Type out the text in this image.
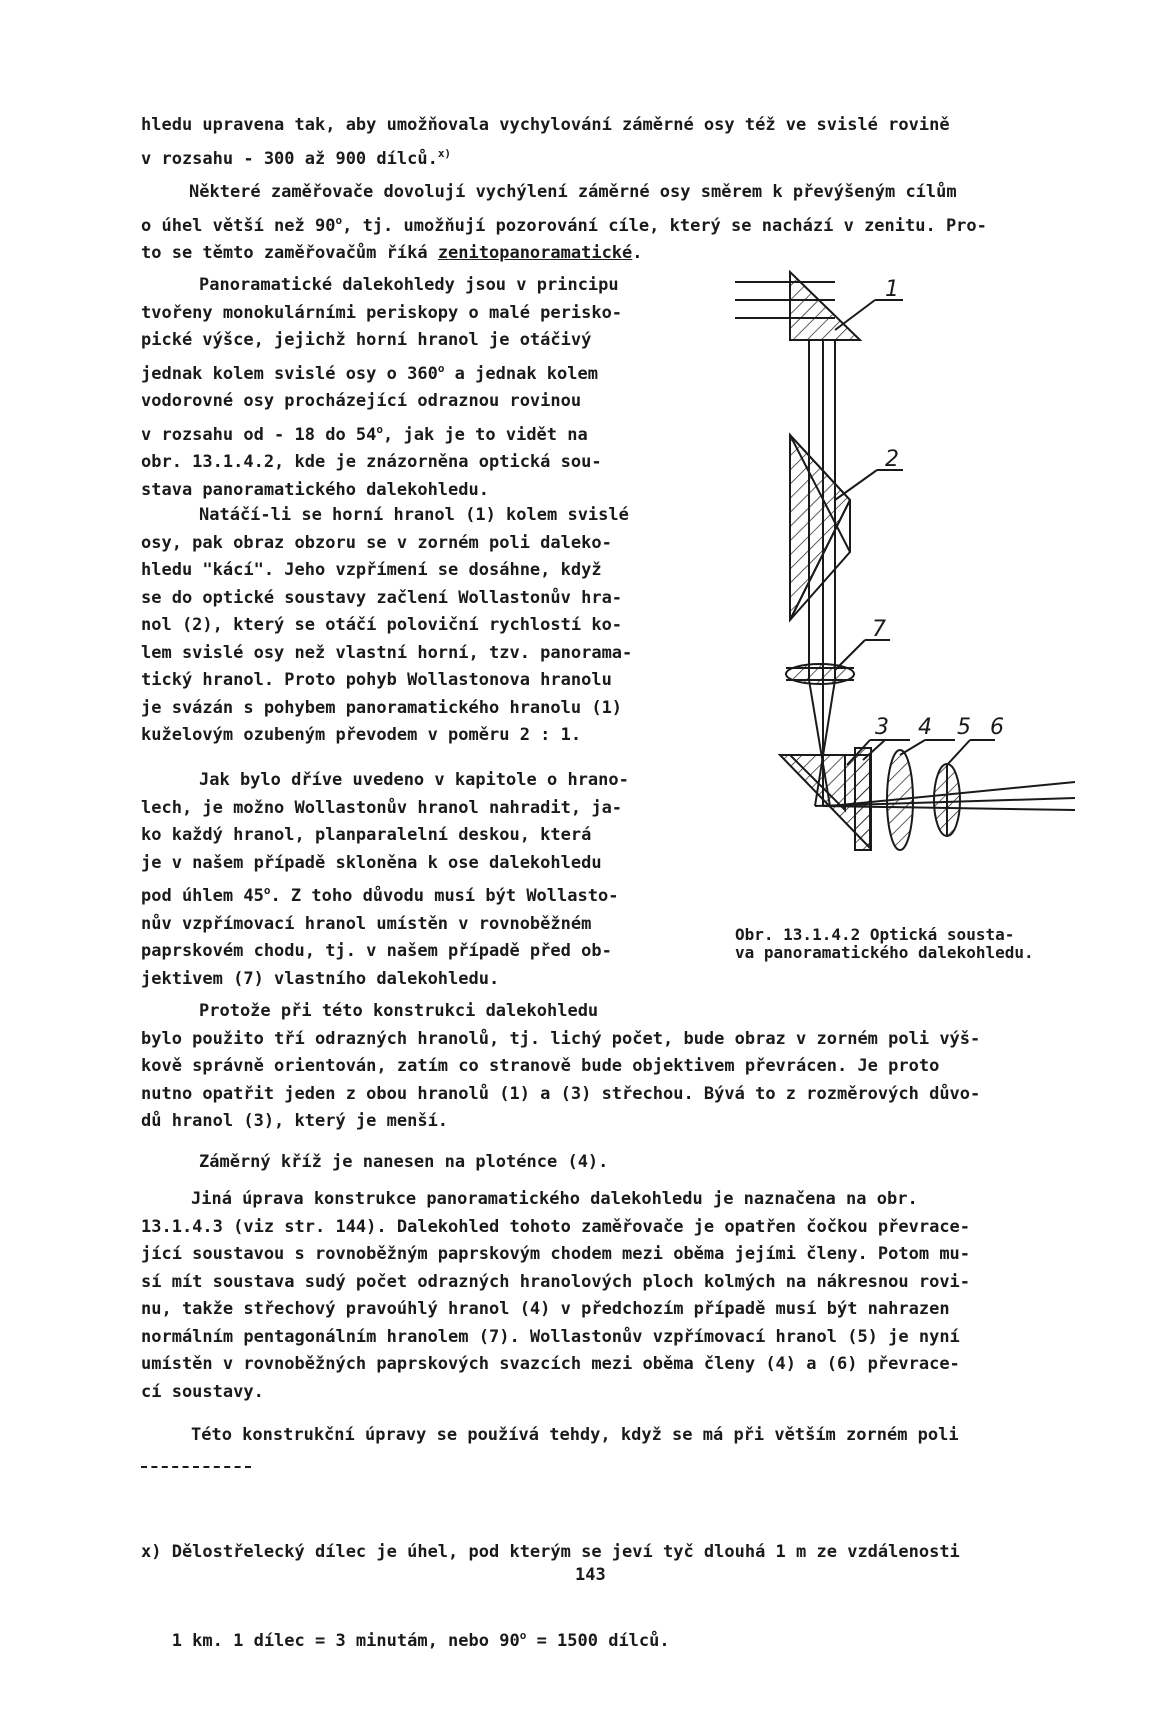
hledu upravena tak, aby umožňovala vychylování záměrné osy též ve svislé rovině
v rozsahu - 300 až 900 dílců.$^{x)}$
Některé zaměřovače dovolují vychýlení záměrné osy směrem k převýšeným cílům
o úhel větší než 90$^o$, tj. umožňují pozorování cíle, který se nachází v zenitu. Pro-
to se těmto zaměřovačům říká zenitopanoramatické.
Panoramatické dalekohledy jsou v principu
tvořeny monokulárními periskopy o malé perisko-
pické výšce, jejichž horní hranol je otáčivý
jednak kolem svislé osy o 360$^o$ a jednak kolem
vodorovné osy procházející odraznou rovinou
v rozsahu od - 18 do 54$^o$, jak je to vidět na
obr. 13.1.4.2, kde je znázorněna optická sou-
stava panoramatického dalekohledu.
Natáčí-li se horní hranol (1) kolem svislé
osy, pak obraz obzoru se v zorném poli daleko-
hledu "kácí". Jeho vzpřímení se dosáhne, když
se do optické soustavy začlení Wollastonův hra-
nol (2), který se otáčí poloviční rychlostí ko-
lem svislé osy než vlastní horní, tzv. panorama-
tický hranol. Proto pohyb Wollastonova hranolu
je svázán s pohybem panoramatického hranolu (1)
kuželovým ozubeným převodem v poměru 2 : 1.
Jak bylo dříve uvedeno v kapitole o hrano-
lech, je možno Wollastonův hranol nahradit, ja-
ko každý hranol, planparalelní deskou, která
je v našem případě skloněna k ose dalekohledu
pod úhlem 45$^o$. Z toho důvodu musí být Wollasto-
nův vzpřímovací hranol umístěn v rovnoběžném
paprskovém chodu, tj. v našem případě před ob-
jektivem (7) vlastního dalekohledu.
Protože při této konstrukci dalekohledu
bylo použito tří odrazných hranolů, tj. lichý počet, bude obraz v zorném poli výš-
kově správně orientován, zatím co stranově bude objektivem převrácen. Je proto
nutno opatřit jeden z obou hranolů (1) a (3) střechou. Bývá to z rozměrových důvo-
dů hranol (3), který je menší.
Záměrný kříž je nanesen na ploténce (4).
Jiná úprava konstrukce panoramatického dalekohledu je naznačena na obr.
13.1.4.3 (viz str. 144). Dalekohled tohoto zaměřovače je opatřen čočkou převrace-
jící soustavou s rovnoběžným paprskovým chodem mezi oběma jejími členy. Potom mu-
sí mít soustava sudý počet odrazných hranolových ploch kolmých na nákresnou rovi-
nu, takže střechový pravoúhlý hranol (4) v předchozím případě musí být nahrazen
normálním pentagonálním hranolem (7). Wollastonův vzpřímovací hranol (5) je nyní
umístěn v rovnoběžných paprskových svazcích mezi oběma členy (4) a (6) převrace-
cí soustavy.
Této konstrukční úpravy se používá tehdy, když se má při větším zorném poli

x) Dělostřelecký dílec je úhel, pod kterým se jeví tyč dlouhá 1 m ze vzdálenosti

1 km. 1 dílec = 3 minutám, nebo $90^o = 1500$ dílců.

143
1
2
7
3 4 5 6
Obr. 13.1.4.2 Optická sousta-
va panoramatického dalekohledu.
